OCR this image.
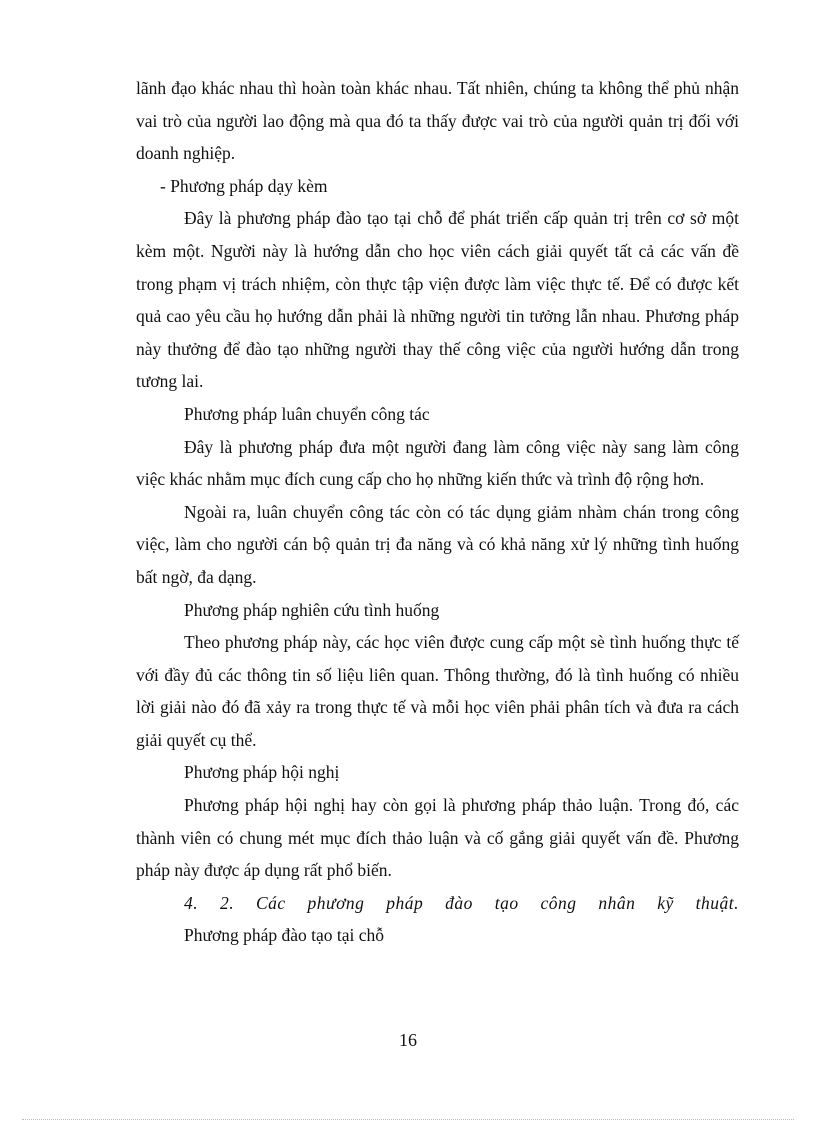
lãnh đạo khác nhau thì hoàn toàn khác nhau. Tất nhiên, chúng ta không thể phủ nhận vai trò của người lao động mà qua đó ta thấy được vai trò của người quản trị đối với doanh nghiệp.

- Phương pháp dạy kèm

Đây là phương pháp đào tạo tại chỗ để phát triển cấp quản trị trên cơ sở một kèm một. Người này là hướng dẫn cho học viên cách giải quyết tất cả các vấn đề trong phạm vị trách nhiệm, còn thực tập viện được làm việc thực tế. Để có được kết quả cao yêu cầu họ hướng dẫn phải là những người tin tưởng lẫn nhau. Phương pháp này thưởng để đào tạo những người thay thế công việc của người hướng dẫn trong tương lai.

Phương pháp luân chuyển công tác

Đây là phương pháp đưa một người đang làm công việc này sang làm công việc khác nhằm mục đích cung cấp cho họ những kiến thức và trình độ rộng hơn.

Ngoài ra, luân chuyển công tác còn có tác dụng giảm nhàm chán trong công việc, làm cho người cán bộ quản trị đa năng và có khả năng xử lý những tình huống bất ngờ, đa dạng.

Phương pháp nghiên cứu tình huống

Theo phương pháp này, các học viên được cung cấp một sè tình huống thực tế với đầy đủ các thông tin số liệu liên quan. Thông thường, đó là tình huống có nhiều lời giải nào đó đã xảy ra trong thực tế và mỗi học viên phải phân tích và đưa ra cách giải quyết cụ thể.

Phương pháp hội nghị

Phương pháp hội nghị hay còn gọi là phương pháp thảo luận. Trong đó, các thành viên có chung mét mục đích thảo luận và cố gắng giải quyết vấn đề. Phương pháp này được áp dụng rất phổ biến.

4. 2. Các phương pháp đào tạo công nhân kỹ thuật.

Phương pháp đào tạo tại chỗ

16
